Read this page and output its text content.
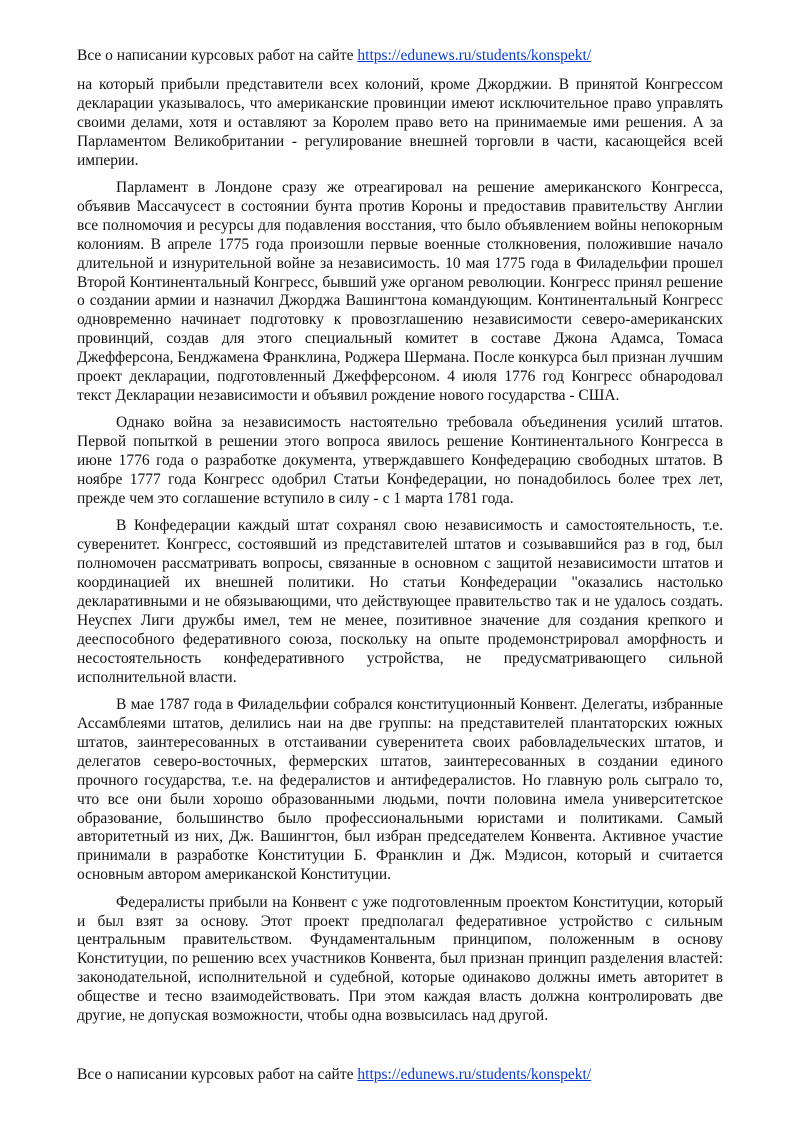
Все о написании курсовых работ на сайте https://edunews.ru/students/konspekt/

на который прибыли представители всех колоний, кроме Джорджии. В принятой Конгрессом декларации указывалось, что американские провинции имеют исключительное право управлять своими делами, хотя и оставляют за Королем право вето на принимаемые ими решения. А за Парламентом Великобритании - регулирование внешней торговли в части, касающейся всей империи.

Парламент в Лондоне сразу же отреагировал на решение американского Конгресса, объявив Массачусест в состоянии бунта против Короны и предоставив правительству Англии все полномочия и ресурсы для подавления восстания, что было объявлением войны непокорным колониям. В апреле 1775 года произошли первые военные столкновения, положившие начало длительной и изнурительной войне за независимость. 10 мая 1775 года в Филадельфии прошел Второй Континентальный Конгресс, бывший уже органом революции. Конгресс принял решение о создании армии и назначил Джорджа Вашингтона командующим. Континентальный Конгресс одновременно начинает подготовку к провозглашению независимости северо-американских провинций, создав для этого специальный комитет в составе Джона Адамса, Томаса Джефферсона, Бенджамена Франклина, Роджера Шермана. После конкурса был признан лучшим проект декларации, подготовленный Джефферсоном. 4 июля 1776 год Конгресс обнародовал текст Декларации независимости и объявил рождение нового государства - США.

Однако война за независимость настоятельно требовала объединения усилий штатов. Первой попыткой в решении этого вопроса явилось решение Континентального Конгресса в июне 1776 года о разработке документа, утверждавшего Конфедерацию свободных штатов. В ноябре 1777 года Конгресс одобрил Статьи Конфедерации, но понадобилось более трех лет, прежде чем это соглашение вступило в силу - с 1 марта 1781 года.

В Конфедерации каждый штат сохранял свою независимость и самостоятельность, т.е. суверенитет. Конгресс, состоявший из представителей штатов и созывавшийся раз в год, был полномочен рассматривать вопросы, связанные в основном с защитой независимости штатов и координацией их внешней политики. Но статьи Конфедерации "оказались настолько декларативными и не обязывающими, что действующее правительство так и не удалось создать. Неуспех Лиги дружбы имел, тем не менее, позитивное значение для создания крепкого и дееспособного федеративного союза, поскольку на опыте продемонстрировал аморфность и несостоятельность конфедеративного устройства, не предусматривающего сильной исполнительной власти.

В мае 1787 года в Филадельфии собрался конституционный Конвент. Делегаты, избранные Ассамблеями штатов, делились наи на две группы: на представителей плантаторских южных штатов, заинтересованных в отстаивании суверенитета своих рабовладельческих штатов, и делегатов северо-восточных, фермерских штатов, заинтересованных в создании единого прочного государства, т.е. на федералистов и антифедералистов. Но главную роль сыграло то, что все они были хорошо образованными людьми, почти половина имела университетское образование, большинство было профессиональными юристами и политиками. Самый авторитетный из них, Дж. Вашингтон, был избран председателем Конвента. Активное участие принимали в разработке Конституции Б. Франклин и Дж. Мэдисон, который и считается основным автором американской Конституции.

Федералисты прибыли на Конвент с уже подготовленным проектом Конституции, который и был взят за основу. Этот проект предполагал федеративное устройство с сильным центральным правительством. Фундаментальным принципом, положенным в основу Конституции, по решению всех участников Конвента, был признан принцип разделения властей: законодательной, исполнительной и судебной, которые одинаково должны иметь авторитет в обществе и тесно взаимодействовать. При этом каждая власть должна контролировать две другие, не допуская возможности, чтобы одна возвысилась над другой.

Все о написании курсовых работ на сайте https://edunews.ru/students/konspekt/
